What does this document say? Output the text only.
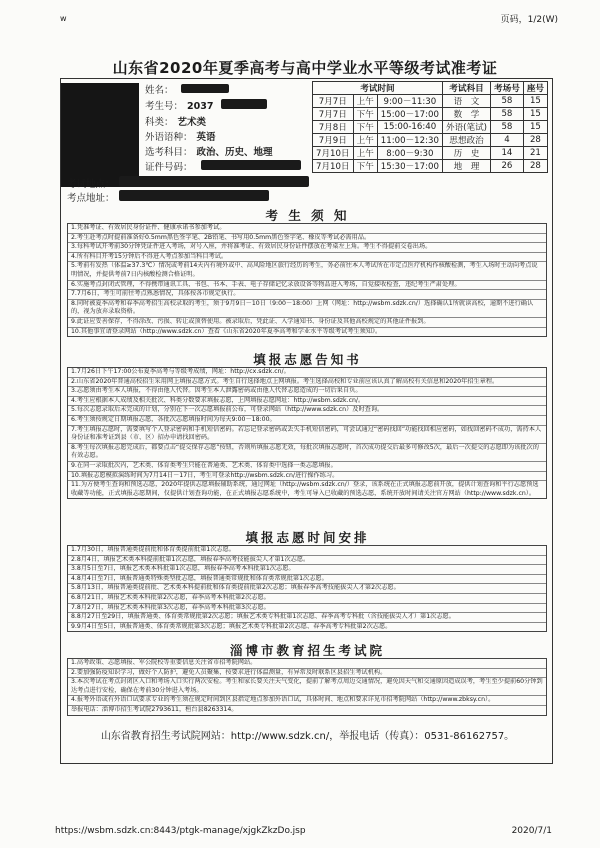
w	页码，1/2(W)
山东省2020年夏季高考与高中学业水平等级考试准考证
姓名：
考生号： 2037
科类： 艺术类
外语语种： 英语
选考科目： 政治、历史、地理
证件号码：
考试地点：
考点地址：
考试时间			考试科目	考场号	座号
7月7日	上午	9:00－11:30	语　文	58	15
7月7日	下午	15:00－17:00	数　学	58	15
7月8日	下午	15:00-16:40	外语(笔试)	58	15
7月9日	上午	11:00－12:30	思想政治	4	28
7月10日	上午	8:00－9:30	历　史	14	21
7月10日	下午	15:30－17:00	地　理	26	28
考 生 须 知
1.凭准考证、有效居民身份证件、健康承诺书参加考试。
2.考生赴考点时提前准备好0.5mm黑色签字笔、2B铅笔、书写用0.5mm黑色签字笔、橡皮等考试必需用品。
3.每科考试开考前30分钟凭证件进入考场，对号入座，并将准考证、有效居民身份证件摆放在考桌左上角。考生不得提前交卷出场。
4.所有科目开考15分钟后不得进入考点参加当科目考试。
5.考前有发热（体温≥37.3℃）情况或考前14天内有境外或中、高风险地区旅行经历的考生，务必前往本人考试所在市定点医疗机构作核酸检测，考生入场时主动向考点说明情况，并提供考前7日内核酸检测合格证明。
6.实施考点封闭式管理，不得携带通讯工具、书包、书本、手表、电子存储记忆录放设备等物品进入考场，自觉接收检查，违纪考生严肃处理。
7.7月6日，考生可前往考点熟悉情况，具体按各市规定执行。
8.同时被夏季高考和春季高考招生高校录取的考生，须于9月9日－10日（9:00－18:00）上网（网址：http://wsbm.sdzk.cn/）选择确认1所就读高校，逾期不进行确认的，视为放弃录取资格。
9.此证应妥善保存，不得涂改、污损、转让或顶替使用。被录取后，凭此证、入学通知书、身份证及其他高校规定的其他证件报到。
10.其他事宜请登录网站（http://www.sdzk.cn）查看《山东省2020年夏季高考和学业水平等级考试考生须知》。
填报志愿告知书
1.7月26日下午17:00公布夏季高考与等级考成绩，网址：http://cx.sdzk.cn/。
2.山东省2020年普通高校招生采用网上填报志愿方式。考生自行选择地点上网填报。考生选择高校和专业前应该认真了解高校有关信息和2020年招生章程。
3.志愿须由考生本人填报，不得由他人代替。因考生本人泄露密码或由他人代替志愿造成的一切后果自负。
4.考生应根据本人成绩及相关批次、科类分数要求填报志愿，上网填报志愿网址：http://wsbm.sdzk.cn/。
5.每次志愿录取后未完成的计划，分别在下一次志愿填报前公布，可登录网站（http://www.sdzk.cn）及时查询。
6.考生须按规定日期填报志愿，各批次志愿填报时间为每天9:00－18:00。
7.考生填报志愿时，需要填写个人登录密码和手机短信密码。若忘记登录密码或丢失手机短信密码，可尝试通过“密码找回”功能找回相应密码，如找回密码不成功，需持本人身份证和准考证到县（市、区）招办申请找回密码。
8.考生每次填报志愿完成后，都要点击“提交保存志愿”按钮，否则所填报志愿无效，每批次填报志愿时，首次成功提交后最多可修改5次，最后一次提交的志愿即为该批次的有效志愿。
9.在同一录取批次内，艺术类、体育类考生只能在普通类、艺术类、体育类中选择一类志愿填报。
10.填报志愿模拟演练时间为7月14日－17日，考生可登录http://wsbm.sdzk.cn/进行操作练习。
11.为方便考生查询和预选志愿，2020年提供志愿填报辅助系统，通过网址（http://wsbm.sdzk.cn/）登录，该系统在正式填报志愿前开放，提供计划查询和平行志愿预选收藏等功能，正式填报志愿期间，仅提供计划查询功能，在正式填报志愿系统中，考生可导入已收藏的预选志愿，系统开放时间请关注官方网站（http://www.sdzk.cn）。
填报志愿时间安排
1.7月30日，填报普通类提前批和体育类提前批第1次志愿。
2.8月4日，填报艺术类本科提前批第1次志愿，填报春季高考技能拔尖人才第1次志愿。
3.8月5日至7日，填报艺术类本科批第1次志愿，填报春季高考本科批第1次志愿。
4.8月4日至7日，填报普通类特殊类型批志愿，填报普通类常规批和体育类常规批第1次志愿。
5.8月13日，填报普通类提前批、艺术类本科提前批和体育类提前批第2次志愿；填报春季高考技能拔尖人才第2次志愿。
6.8月21日，填报艺术类本科批第2次志愿，春季高考本科批第2次志愿。
7.8月27日，填报艺术类本科批第3次志愿，春季高考本科批第3次志愿。
8.8月27日至29日，填报普通类、体育类常规批第2次志愿；填报艺术类专科批第1次志愿、春季高考专科批（含技能拔尖人才）第1次志愿。
9.9月4日至5日，填报普通类、体育类常规批第3次志愿；填报艺术类专科批第2次志愿、春季高考专科批第2次志愿。
淄博市教育招生考试院
1.高考政策、志愿填报、军公院校等重要信息关注省市招考院网站。
2.要加强防疫知识学习，做好个人防护，避免人员聚集，按要求进行体温测量，有异常及时联系区县招生考试机构。
3.本次考试在考点封闭区入口和考场入口实行两次安检。考生和家长要关注天气变化，提前了解考点周边交通情况，避免因天气和交通原因造成误考，考生至少提前60分钟到达考点进行安检，确保在考前30分钟进入考场。
4.报考外语或有外语口试要求专业的考生须在规定时间到区县指定地点参加外语口试，具体时间、地点和要求详见市招考院网站（http://www.zbksy.cn）。
举报电话：淄博市招生考试院2793611，桓台县8263314。
山东省教育招生考试院网站：http://www.sdzk.cn/，举报电话（传真）：0531-86162757。
https://wsbm.sdzk.cn:8443/ptgk-manage/xjgkZkzDo.jsp	2020/7/1
